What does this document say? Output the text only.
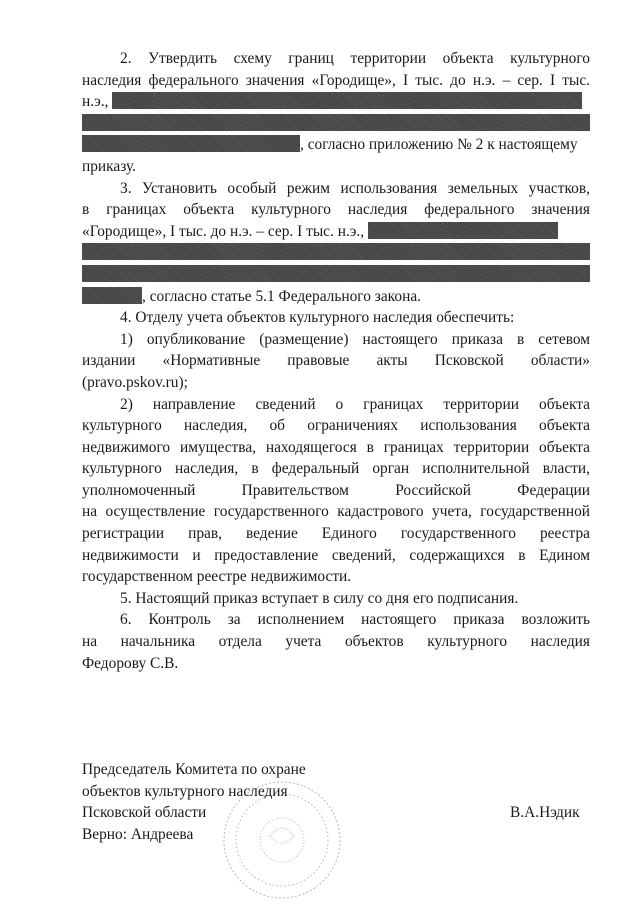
2. Утвердить схему границ территории объекта культурного

наследия федерального значения «Городище», I тыс. до н.э. – сер. I тыс.

н.э.,

, согласно приложению № 2 к настоящему

приказу.

3. Установить особый режим использования земельных участков,

в границах объекта культурного наследия федерального значения

«Городище», I тыс. до н.э. – сер. I тыс. н.э.,

, согласно статье 5.1 Федерального закона.

4. Отделу учета объектов культурного наследия обеспечить:

1) опубликование (размещение) настоящего приказа в сетевом

издании «Нормативные правовые акты Псковской области»

(pravo.pskov.ru);

2) направление сведений о границах территории объекта

культурного наследия, об ограничениях использования объекта

недвижимого имущества, находящегося в границах территории объекта

культурного наследия, в федеральный орган исполнительной власти,

уполномоченный Правительством Российской Федерации

на осуществление государственного кадастрового учета, государственной

регистрации прав, ведение Единого государственного реестра

недвижимости и предоставление сведений, содержащихся в Едином

государственном реестре недвижимости.

5. Настоящий приказ вступает в силу со дня его подписания.

6. Контроль за исполнением настоящего приказа возложить

на начальника отдела учета объектов культурного наследия

Федорову С.В.

Председатель Комитета по охране

объектов культурного наследия

Псковской области

Верно: Андреева

В.А.Нэдик
